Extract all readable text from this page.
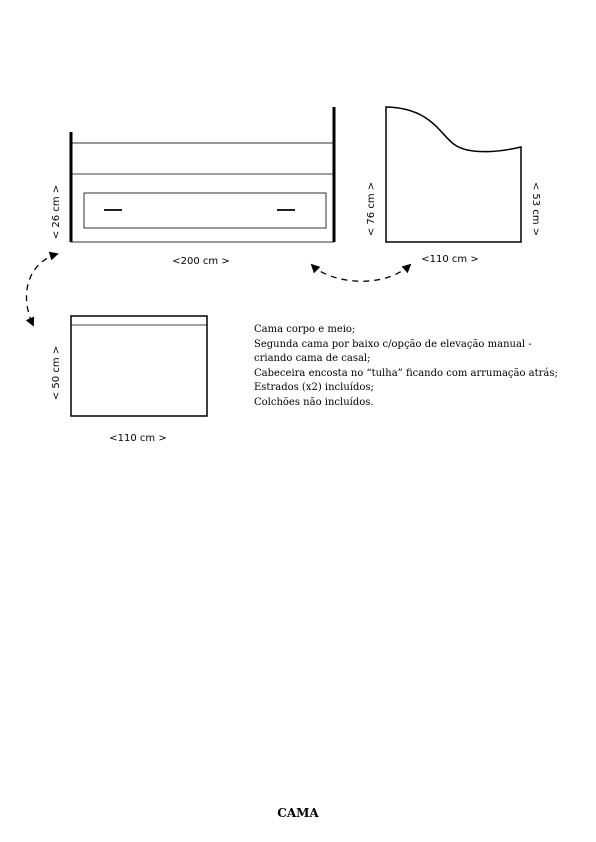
< 26 cm >
<200 cm >
< 76 cm >	< 53 cm >
<110 cm >
< 50 cm >
<110 cm >
Cama corpo e meio;
Segunda cama por baixo c/opção de elevação manual -
criando cama de casal;
Cabeceira encosta no “tulha” ficando com arrumação atrás;
Estrados (x2) incluídos;
Colchões não incluídos.
CAMA
